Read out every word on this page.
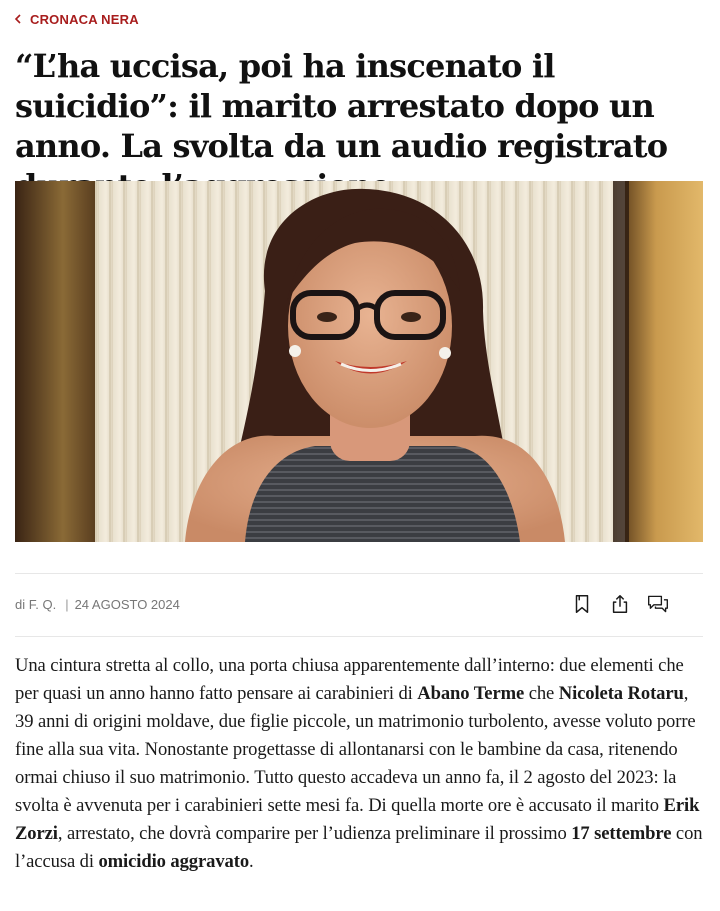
CRONACA NERA
“L’ha uccisa, poi ha inscenato il suicidio”: il marito arrestato dopo un anno. La svolta da un audio registrato
di F. Q. | 24 AGOSTO 2024

Una cintura stretta al collo, una porta chiusa apparentemente dall’interno: due elementi che per quasi un anno hanno fatto pensare ai carabinieri di Abano Terme che Nicoleta Rotaru, 39 anni di origini moldave, due figlie piccole, un matrimonio turbolento, avesse voluto porre fine alla sua vita. Nonostante progettasse di allontanarsi con le bambine da casa, ritenendo ormai chiuso il suo matrimonio. Tutto questo accadeva un anno fa, il 2 agosto del 2023: la svolta è avvenuta per i carabinieri sette mesi fa. Di quella morte ore è accusato il marito Erik Zorzi, arrestato, che dovrà comparire per l’udienza preliminare il prossimo 17 settembre con l’accusa di omicidio aggravato.
